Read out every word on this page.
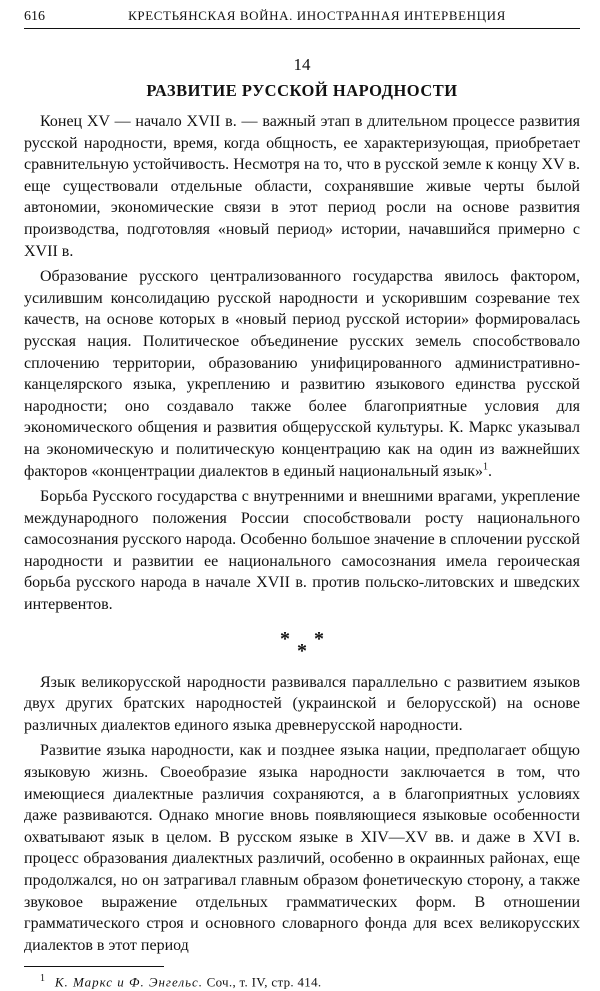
616	КРЕСТЬЯНСКАЯ ВОЙНА. ИНОСТРАННАЯ ИНТЕРВЕНЦИЯ
14
РАЗВИТИЕ РУССКОЙ НАРОДНОСТИ

Конец XV — начало XVII в. — важный этап в длительном процессе развития русской народности, время, когда общность, ее характеризующая, приобретает сравнительную устойчивость. Несмотря на то, что в русской земле к концу XV в. еще существовали отдельные области, сохранявшие живые черты былой автономии, экономические связи в этот период росли на основе развития производства, подготовляя «новый период» истории, начавшийся примерно с XVII в.

Образование русского централизованного государства явилось фактором, усилившим консолидацию русской народности и ускорившим созревание тех качеств, на основе которых в «новый период русской истории» формировалась русская нация. Политическое объединение русских земель способствовало сплочению территории, образованию унифицированного административно-канцелярского языка, укреплению и развитию языкового единства русской народности; оно создавало также более благоприятные условия для экономического общения и развития общерусской культуры. К. Маркс указывал на экономическую и политическую концентрацию как на один из важнейших факторов «концентрации диалектов в единый национальный язык»$^1$.

Борьба Русского государства с внутренними и внешними врагами, укрепление международного положения России способствовали росту национального самосознания русского народа. Особенно большое значение в сплочении русской народности и развитии ее национального самосознания имела героическая борьба русского народа в начале XVII в. против польско-литовских и шведских интервентов.

* *
*

Язык великорусской народности развивался параллельно с развитием языков двух других братских народностей (украинской и белорусской) на основе различных диалектов единого языка древнерусской народности.

Развитие языка народности, как и позднее языка нации, предполагает общую языковую жизнь. Своеобразие языка народности заключается в том, что имеющиеся диалектные различия сохраняются, а в благоприятных условиях даже развиваются. Однако многие вновь появляющиеся языковые особенности охватывают язык в целом. В русском языке в XIV—XV вв. и даже в XVI в. процесс образования диалектных различий, особенно в окраинных районах, еще продолжался, но он затрагивал главным образом фонетическую сторону, а также звуковое выражение отдельных грамматических форм. В отношении грамматического строя и основного словарного фонда для всех великорусских диалектов в этот период

$^1$ К. Маркс и Ф. Энгельс. Соч., т. IV, стр. 414.
